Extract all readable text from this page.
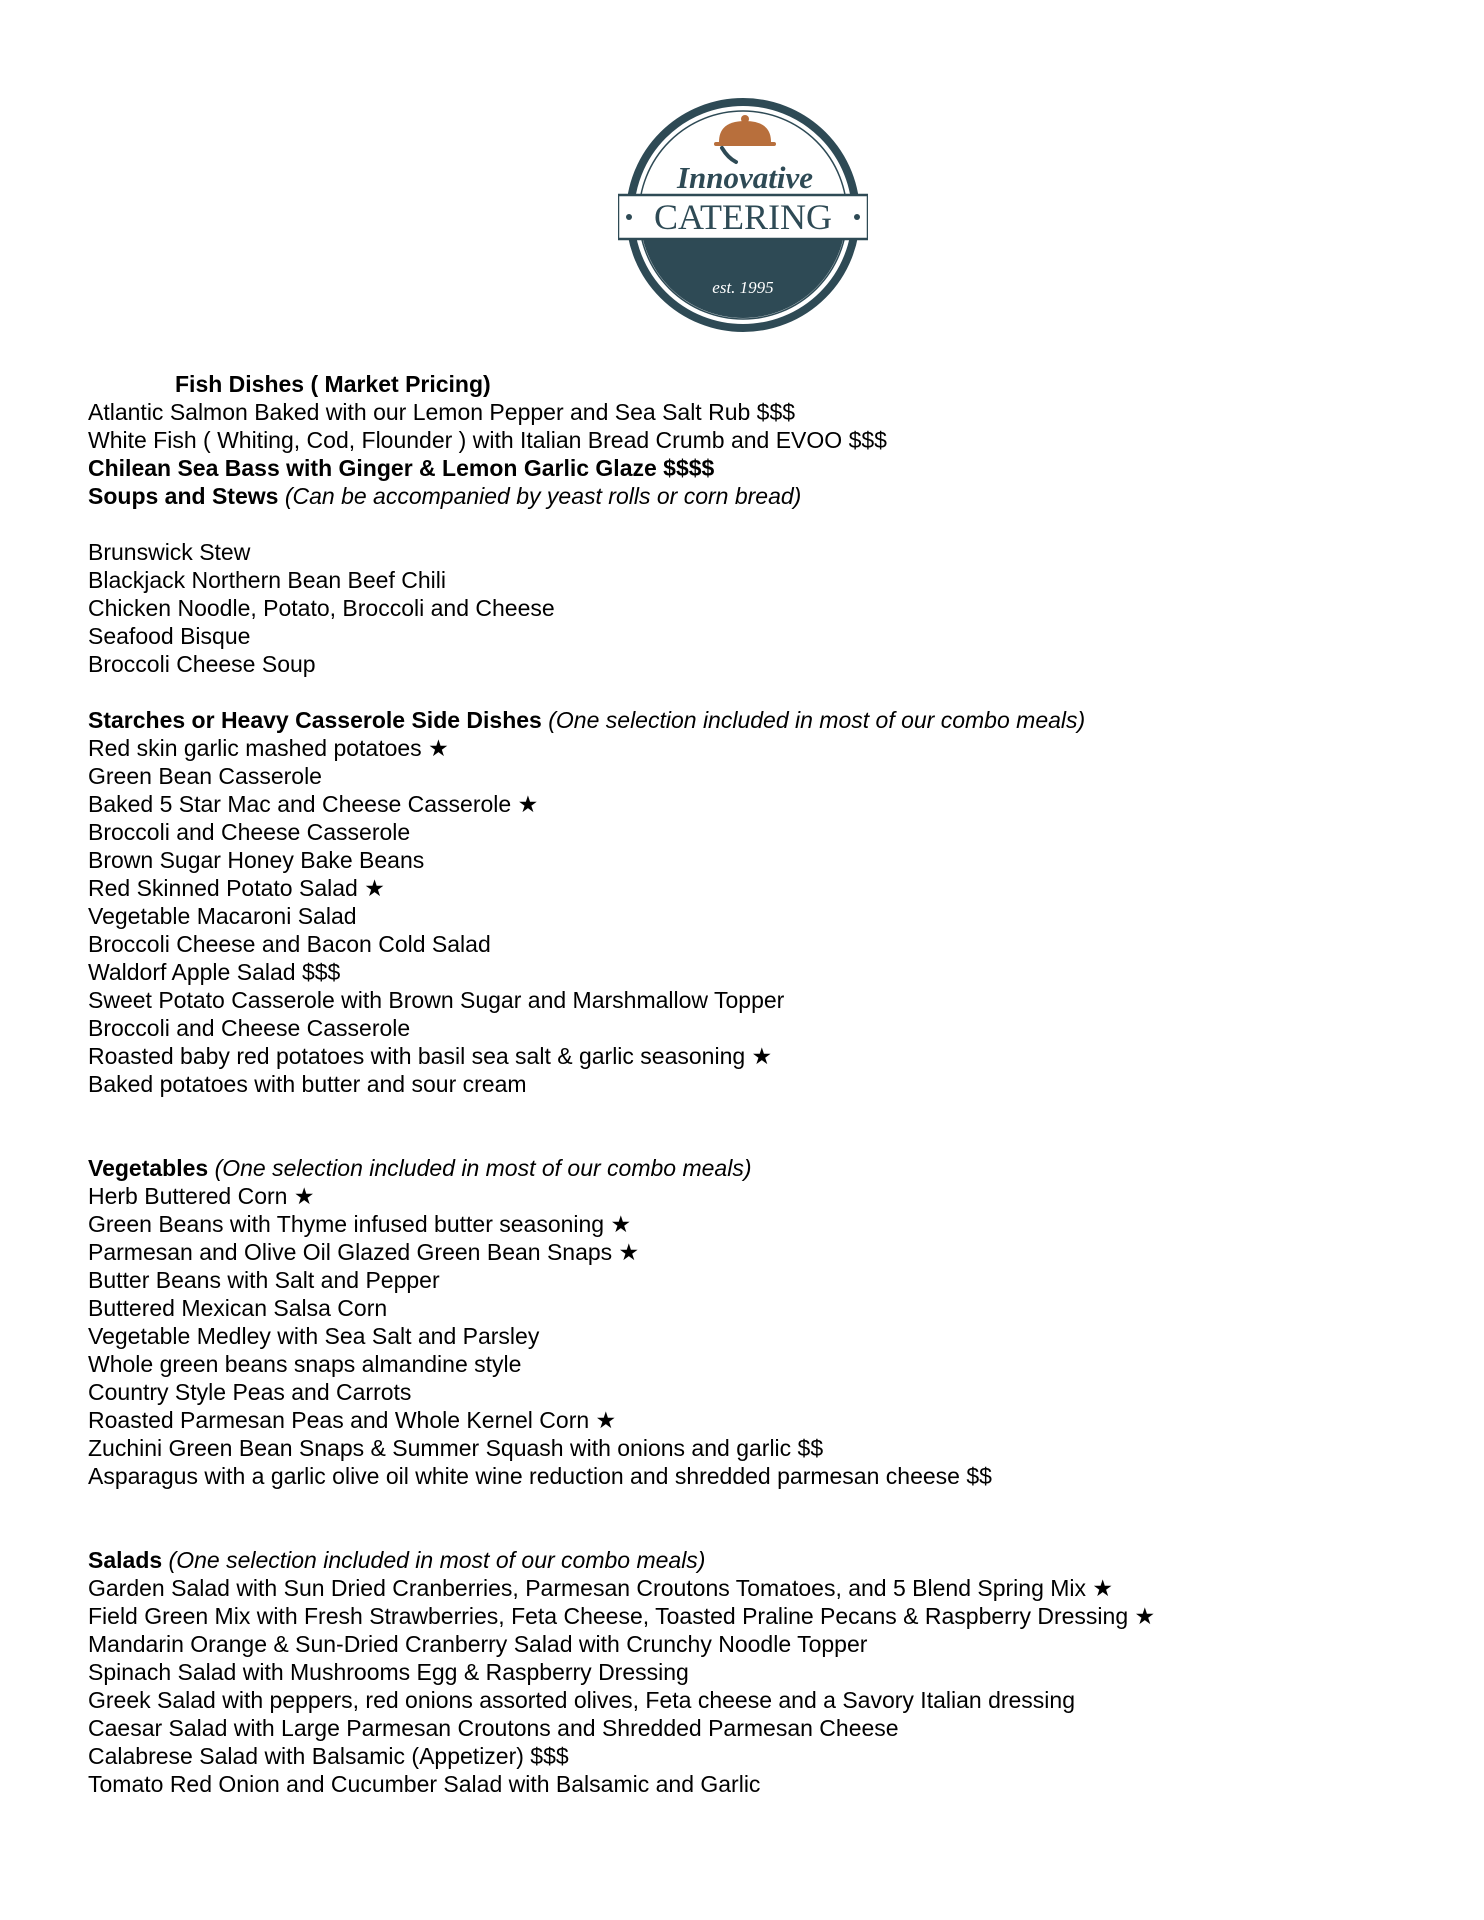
Innovative
CATERING
est. 1995
Fish Dishes ( Market Pricing)
Atlantic Salmon Baked with our Lemon Pepper and Sea Salt Rub $$$
White Fish ( Whiting, Cod, Flounder ) with Italian Bread Crumb and EVOO $$$
Chilean Sea Bass with Ginger & Lemon Garlic Glaze $$$$
Soups and Stews (Can be accompanied by yeast rolls or corn bread)
Brunswick Stew
Blackjack Northern Bean Beef Chili
Chicken Noodle, Potato, Broccoli and Cheese
Seafood Bisque
Broccoli Cheese Soup
Starches or Heavy Casserole Side Dishes (One selection included in most of our combo meals)
Red skin garlic mashed potatoes ★
Green Bean Casserole
Baked 5 Star Mac and Cheese Casserole ★
Broccoli and Cheese Casserole
Brown Sugar Honey Bake Beans
Red Skinned Potato Salad ★
Vegetable Macaroni Salad
Broccoli Cheese and Bacon Cold Salad
Waldorf Apple Salad $$$
Sweet Potato Casserole with Brown Sugar and Marshmallow Topper
Broccoli and Cheese Casserole
Roasted baby red potatoes with basil sea salt & garlic seasoning ★
Baked potatoes with butter and sour cream
Vegetables (One selection included in most of our combo meals)
Herb Buttered Corn ★
Green Beans with Thyme infused butter seasoning ★
Parmesan and Olive Oil Glazed Green Bean Snaps ★
Butter Beans with Salt and Pepper
Buttered Mexican Salsa Corn
Vegetable Medley with Sea Salt and Parsley
Whole green beans snaps almandine style
Country Style Peas and Carrots
Roasted Parmesan Peas and Whole Kernel Corn ★
Zuchini Green Bean Snaps & Summer Squash with onions and garlic $$
Asparagus with a garlic olive oil white wine reduction and shredded parmesan cheese $$
Salads (One selection included in most of our combo meals)
Garden Salad with Sun Dried Cranberries, Parmesan Croutons Tomatoes, and 5 Blend Spring Mix ★
Field Green Mix with Fresh Strawberries, Feta Cheese, Toasted Praline Pecans & Raspberry Dressing ★
Mandarin Orange & Sun-Dried Cranberry Salad with Crunchy Noodle Topper
Spinach Salad with Mushrooms Egg & Raspberry Dressing
Greek Salad with peppers, red onions assorted olives, Feta cheese and a Savory Italian dressing
Caesar Salad with Large Parmesan Croutons and Shredded Parmesan Cheese
Calabrese Salad with Balsamic (Appetizer) $$$
Tomato Red Onion and Cucumber Salad with Balsamic and Garlic
